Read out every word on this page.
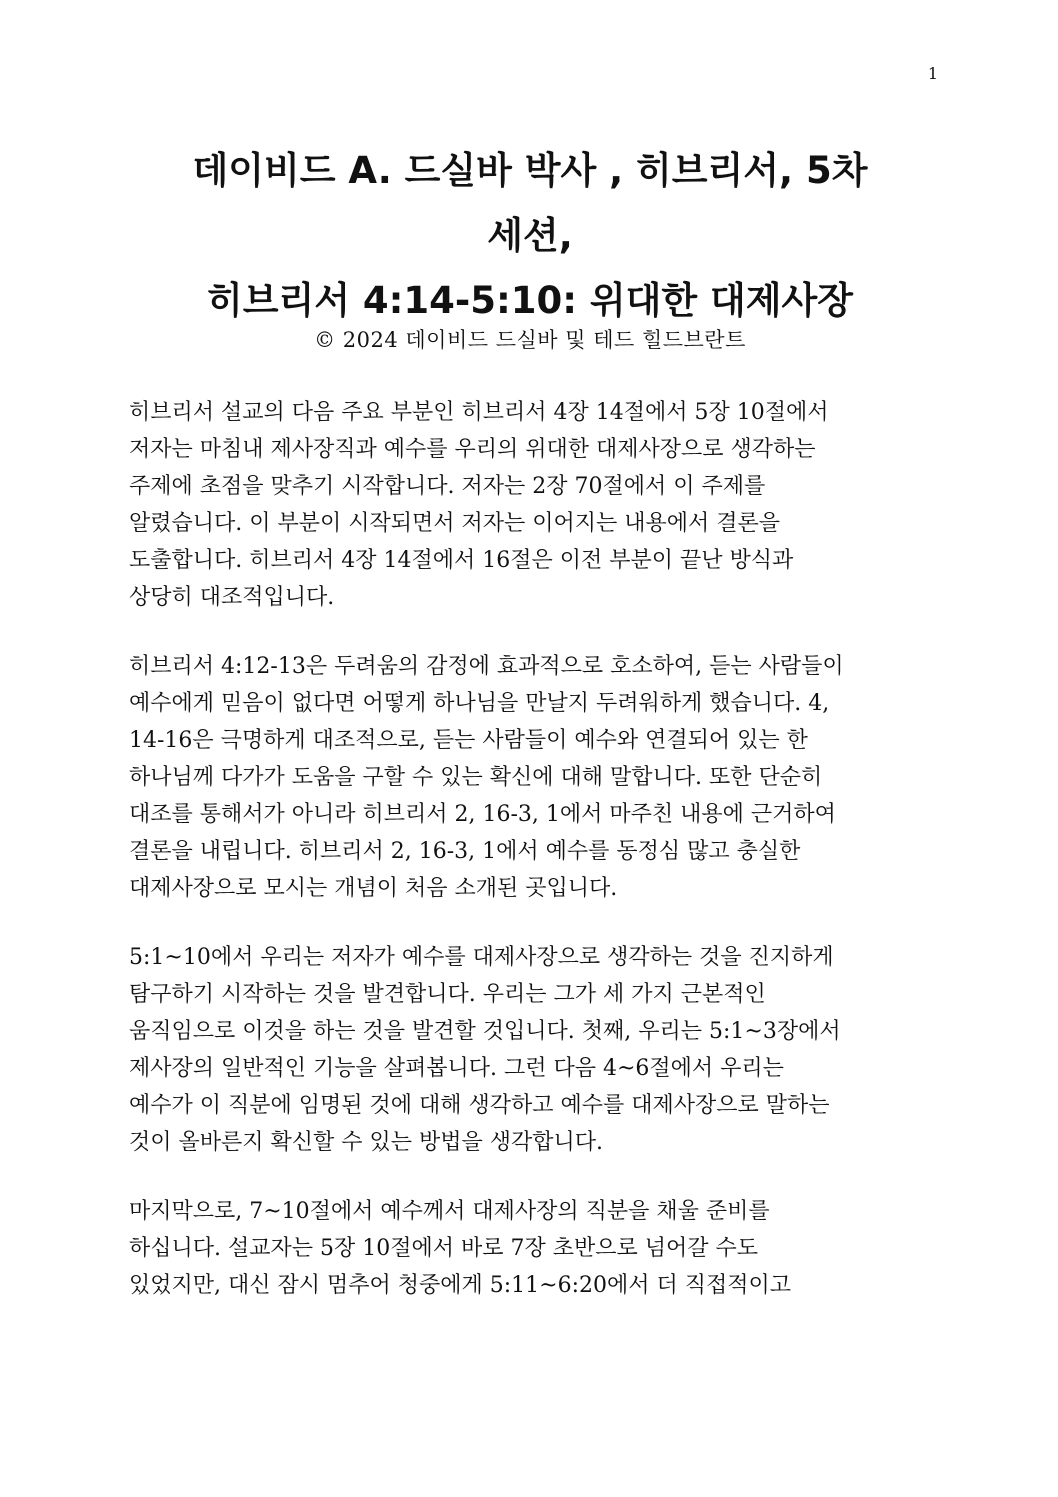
1
데이비드 A. 드실바 박사 , 히브리서, 5차
세션,
히브리서 4:14-5:10: 위대한 대제사장
© 2024 데이비드 드실바 및 테드 힐드브란트
히브리서 설교의 다음 주요 부분인 히브리서 4장 14절에서 5장 10절에서
저자는 마침내 제사장직과 예수를 우리의 위대한 대제사장으로 생각하는
주제에 초점을 맞추기 시작합니다. 저자는 2장 70절에서 이 주제를
알렸습니다. 이 부분이 시작되면서 저자는 이어지는 내용에서 결론을
도출합니다. 히브리서 4장 14절에서 16절은 이전 부분이 끝난 방식과
상당히 대조적입니다.
히브리서 4:12-13은 두려움의 감정에 효과적으로 호소하여, 듣는 사람들이
예수에게 믿음이 없다면 어떻게 하나님을 만날지 두려워하게 했습니다. 4,
14-16은 극명하게 대조적으로, 듣는 사람들이 예수와 연결되어 있는 한
하나님께 다가가 도움을 구할 수 있는 확신에 대해 말합니다. 또한 단순히
대조를 통해서가 아니라 히브리서 2, 16-3, 1에서 마주친 내용에 근거하여
결론을 내립니다. 히브리서 2, 16-3, 1에서 예수를 동정심 많고 충실한
대제사장으로 모시는 개념이 처음 소개된 곳입니다.
5:1~10에서 우리는 저자가 예수를 대제사장으로 생각하는 것을 진지하게
탐구하기 시작하는 것을 발견합니다. 우리는 그가 세 가지 근본적인
움직임으로 이것을 하는 것을 발견할 것입니다. 첫째, 우리는 5:1~3장에서
제사장의 일반적인 기능을 살펴봅니다. 그런 다음 4~6절에서 우리는
예수가 이 직분에 임명된 것에 대해 생각하고 예수를 대제사장으로 말하는
것이 올바른지 확신할 수 있는 방법을 생각합니다.
마지막으로, 7~10절에서 예수께서 대제사장의 직분을 채울 준비를
하십니다. 설교자는 5장 10절에서 바로 7장 초반으로 넘어갈 수도
있었지만, 대신 잠시 멈추어 청중에게 5:11~6:20에서 더 직접적이고
